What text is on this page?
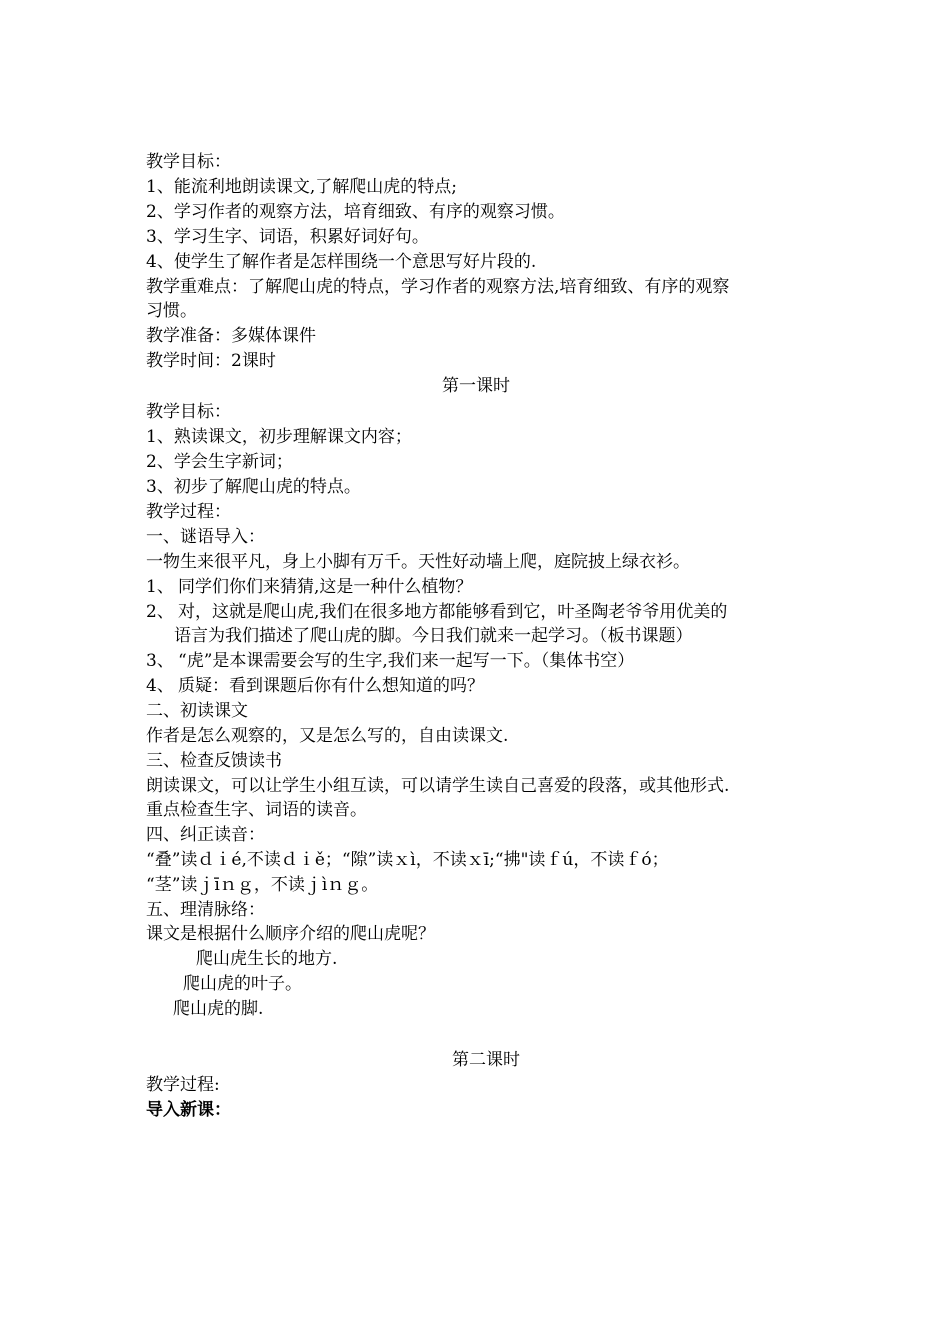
教学目标：
1、能流利地朗读课文,了解爬山虎的特点;
2、学习作者的观察方法，培育细致、有序的观察习惯。
3、学习生字、词语，积累好词好句。
4、使学生了解作者是怎样围绕一个意思写好片段的.
教学重难点：了解爬山虎的特点，学习作者的观察方法,培育细致、有序的观察
习惯。
教学准备：多媒体课件
教学时间：2课时
第一课时
教学目标：
1、熟读课文，初步理解课文内容；
2、学会生字新词；
3、初步了解爬山虎的特点。
教学过程：
一、谜语导入：
一物生来很平凡，身上小脚有万千。天性好动墙上爬，庭院披上绿衣衫。
1、 同学们你们来猜猜,这是一种什么植物？
2、 对，这就是爬山虎,我们在很多地方都能够看到它，叶圣陶老爷爷用优美的
语言为我们描述了爬山虎的脚。今日我们就来一起学习。（板书课题）
3、 “虎”是本课需要会写的生字,我们来一起写一下。（集体书空）
4、 质疑：看到课题后你有什么想知道的吗？
二、初读课文
作者是怎么观察的，又是怎么写的，自由读课文.
三、检查反馈读书
朗读课文，可以让学生小组互读，可以请学生读自己喜爱的段落，或其他形式.
重点检查生字、词语的读音。
四、纠正读音：
“叠”读ｄｉé,不读ｄｉě；“隙”读ｘì，不读ｘī;“拂"读ｆú，不读ｆó；
“茎”读ｊīｎｇ，不读ｊìｎｇ。
五、理清脉络：
课文是根据什么顺序介绍的爬山虎呢？
爬山虎生长的地方.
爬山虎的叶子。
爬山虎的脚.
第二课时
教学过程:
导入新课：
